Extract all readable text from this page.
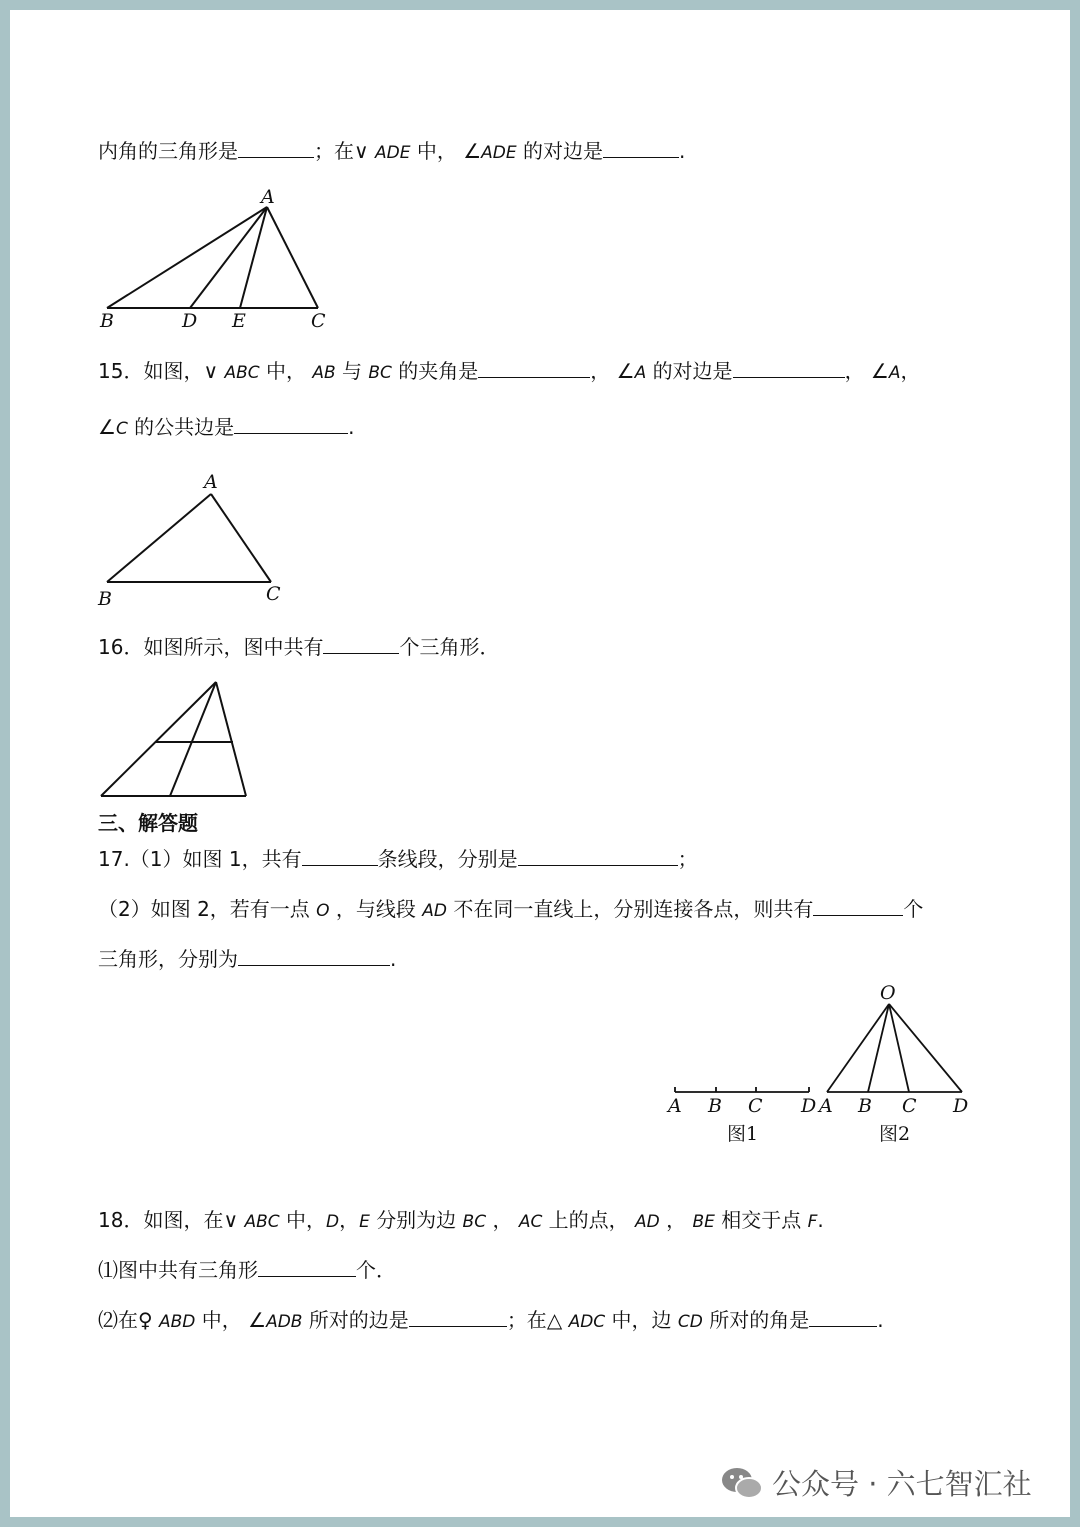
内角的三角形是	；在∨ ADE 中， ∠ADE 的对边是	.
A
B	D E	C
A
B	C
A B C D
图1
O
A B C D
图2
15．如图，∨ ABC 中， AB 与 BC 的夹角是	， ∠A 的对边是	， ∠A，
∠C 的公共边是	.
16．如图所示，图中共有	个三角形．
三、解答题
17.（1）如图 1，共有	条线段，分别是	；
（2）如图 2，若有一点 O ，与线段 AD 不在同一直线上，分别连接各点，则共有	个
三角形，分别为	.
18．如图，在∨ ABC 中，D，E 分别为边 BC ， AC 上的点， AD ， BE 相交于点 F.
⑴图中共有三角形	个．
⑵在♀ ABD 中， ∠ADB 所对的边是	；在△ ADC 中，边 CD 所对的角是	.
公众号 · 六七智汇社
